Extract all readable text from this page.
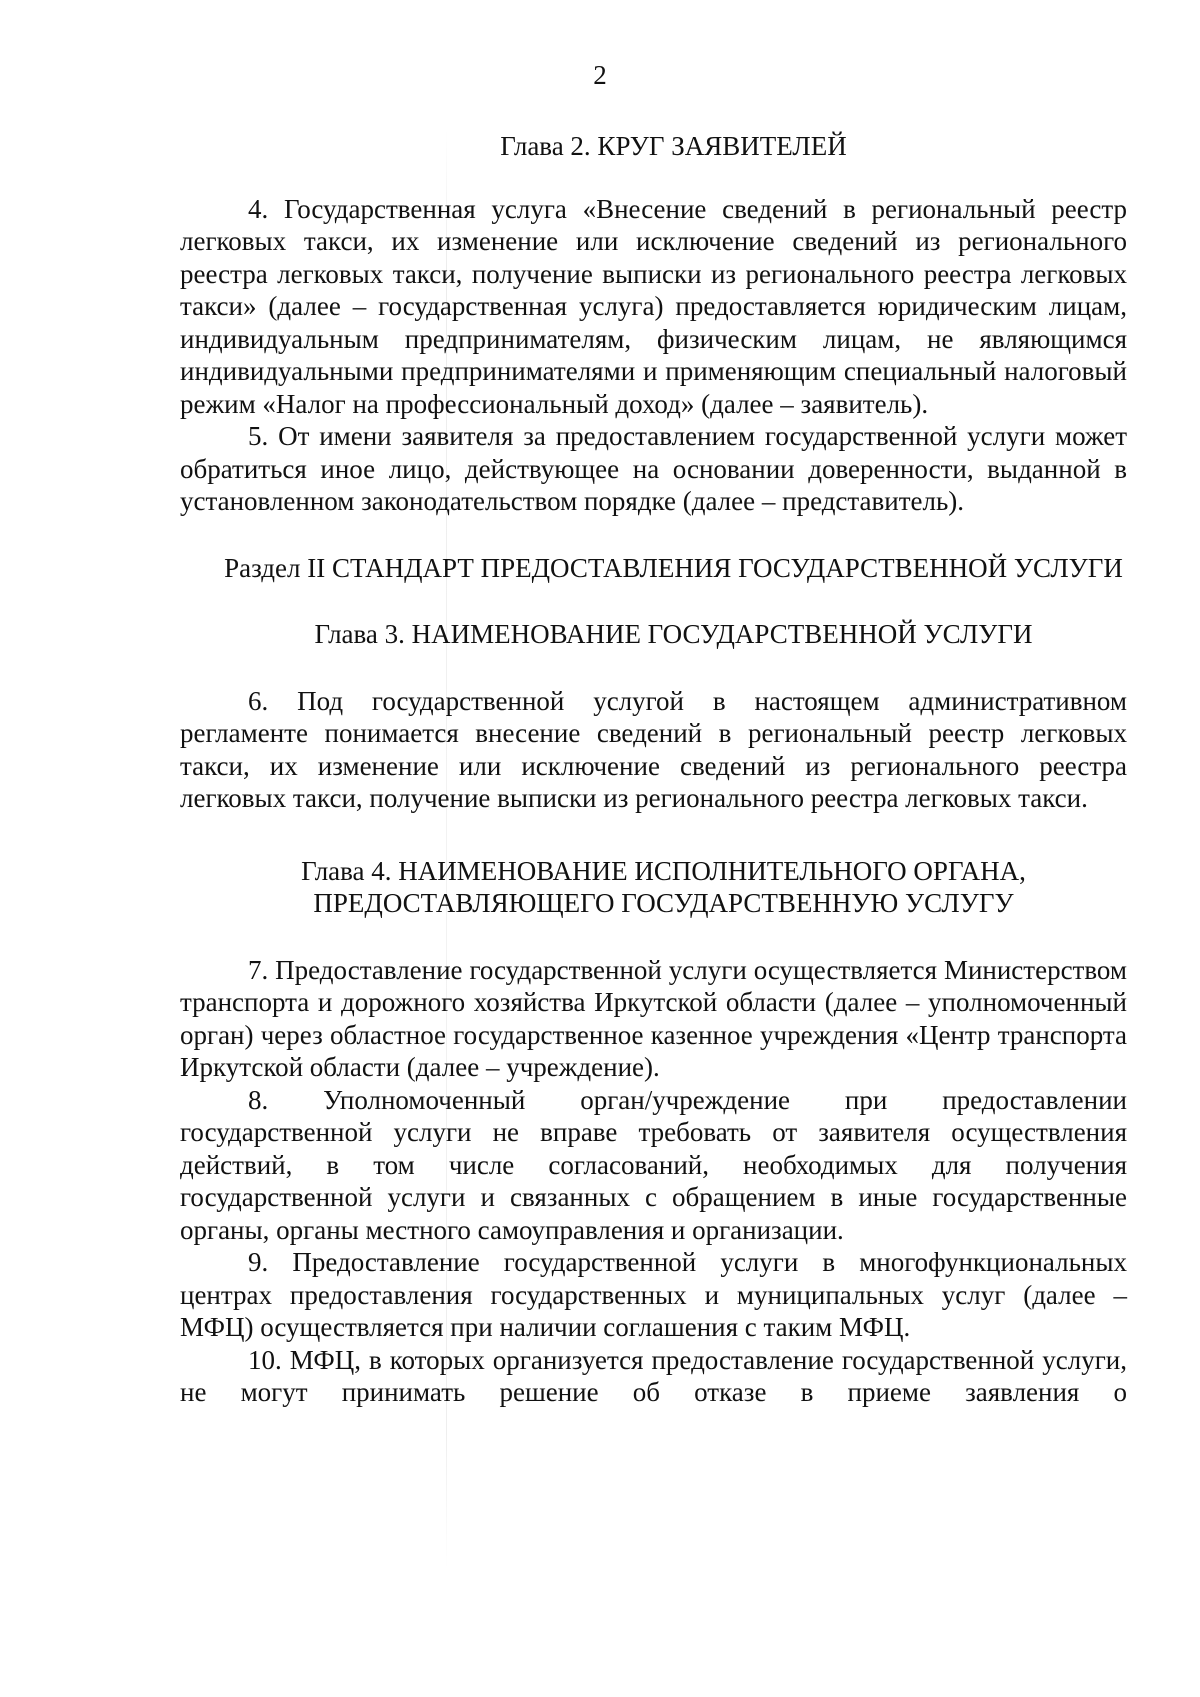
2

Глава 2. КРУГ ЗАЯВИТЕЛЕЙ

4. Государственная услуга «Внесение сведений в региональный реестр легковых такси, их изменение или исключение сведений из регионального реестра легковых такси, получение выписки из регионального реестра легковых такси» (далее – государственная услуга) предоставляется юридическим лицам, индивидуальным предпринимателям, физическим лицам, не являющимся индивидуальными предпринимателями и применяющим специальный налоговый режим «Налог на профессиональный доход» (далее – заявитель).

5. От имени заявителя за предоставлением государственной услуги может обратиться иное лицо, действующее на основании доверенности, выданной в установленном законодательством порядке (далее – представитель).

Раздел II СТАНДАРТ ПРЕДОСТАВЛЕНИЯ ГОСУДАРСТВЕННОЙ УСЛУГИ

Глава 3. НАИМЕНОВАНИЕ ГОСУДАРСТВЕННОЙ УСЛУГИ

6. Под государственной услугой в настоящем административном регламенте понимается внесение сведений в региональный реестр легковых такси, их изменение или исключение сведений из регионального реестра легковых такси, получение выписки из регионального реестра легковых такси.

Глава 4. НАИМЕНОВАНИЕ ИСПОЛНИТЕЛЬНОГО ОРГАНА, ПРЕДОСТАВЛЯЮЩЕГО ГОСУДАРСТВЕННУЮ УСЛУГУ

7. Предоставление государственной услуги осуществляется Министерством транспорта и дорожного хозяйства Иркутской области (далее – уполномоченный орган) через областное государственное казенное учреждения «Центр транспорта Иркутской области (далее – учреждение).

8. Уполномоченный орган/учреждение при предоставлении государственной услуги не вправе требовать от заявителя осуществления действий, в том числе согласований, необходимых для получения государственной услуги и связанных с обращением в иные государственные органы, органы местного самоуправления и организации.

9. Предоставление государственной услуги в многофункциональных центрах предоставления государственных и муниципальных услуг (далее – МФЦ) осуществляется при наличии соглашения с таким МФЦ.

10. МФЦ, в которых организуется предоставление государственной услуги, не могут принимать решение об отказе в приеме заявления о
